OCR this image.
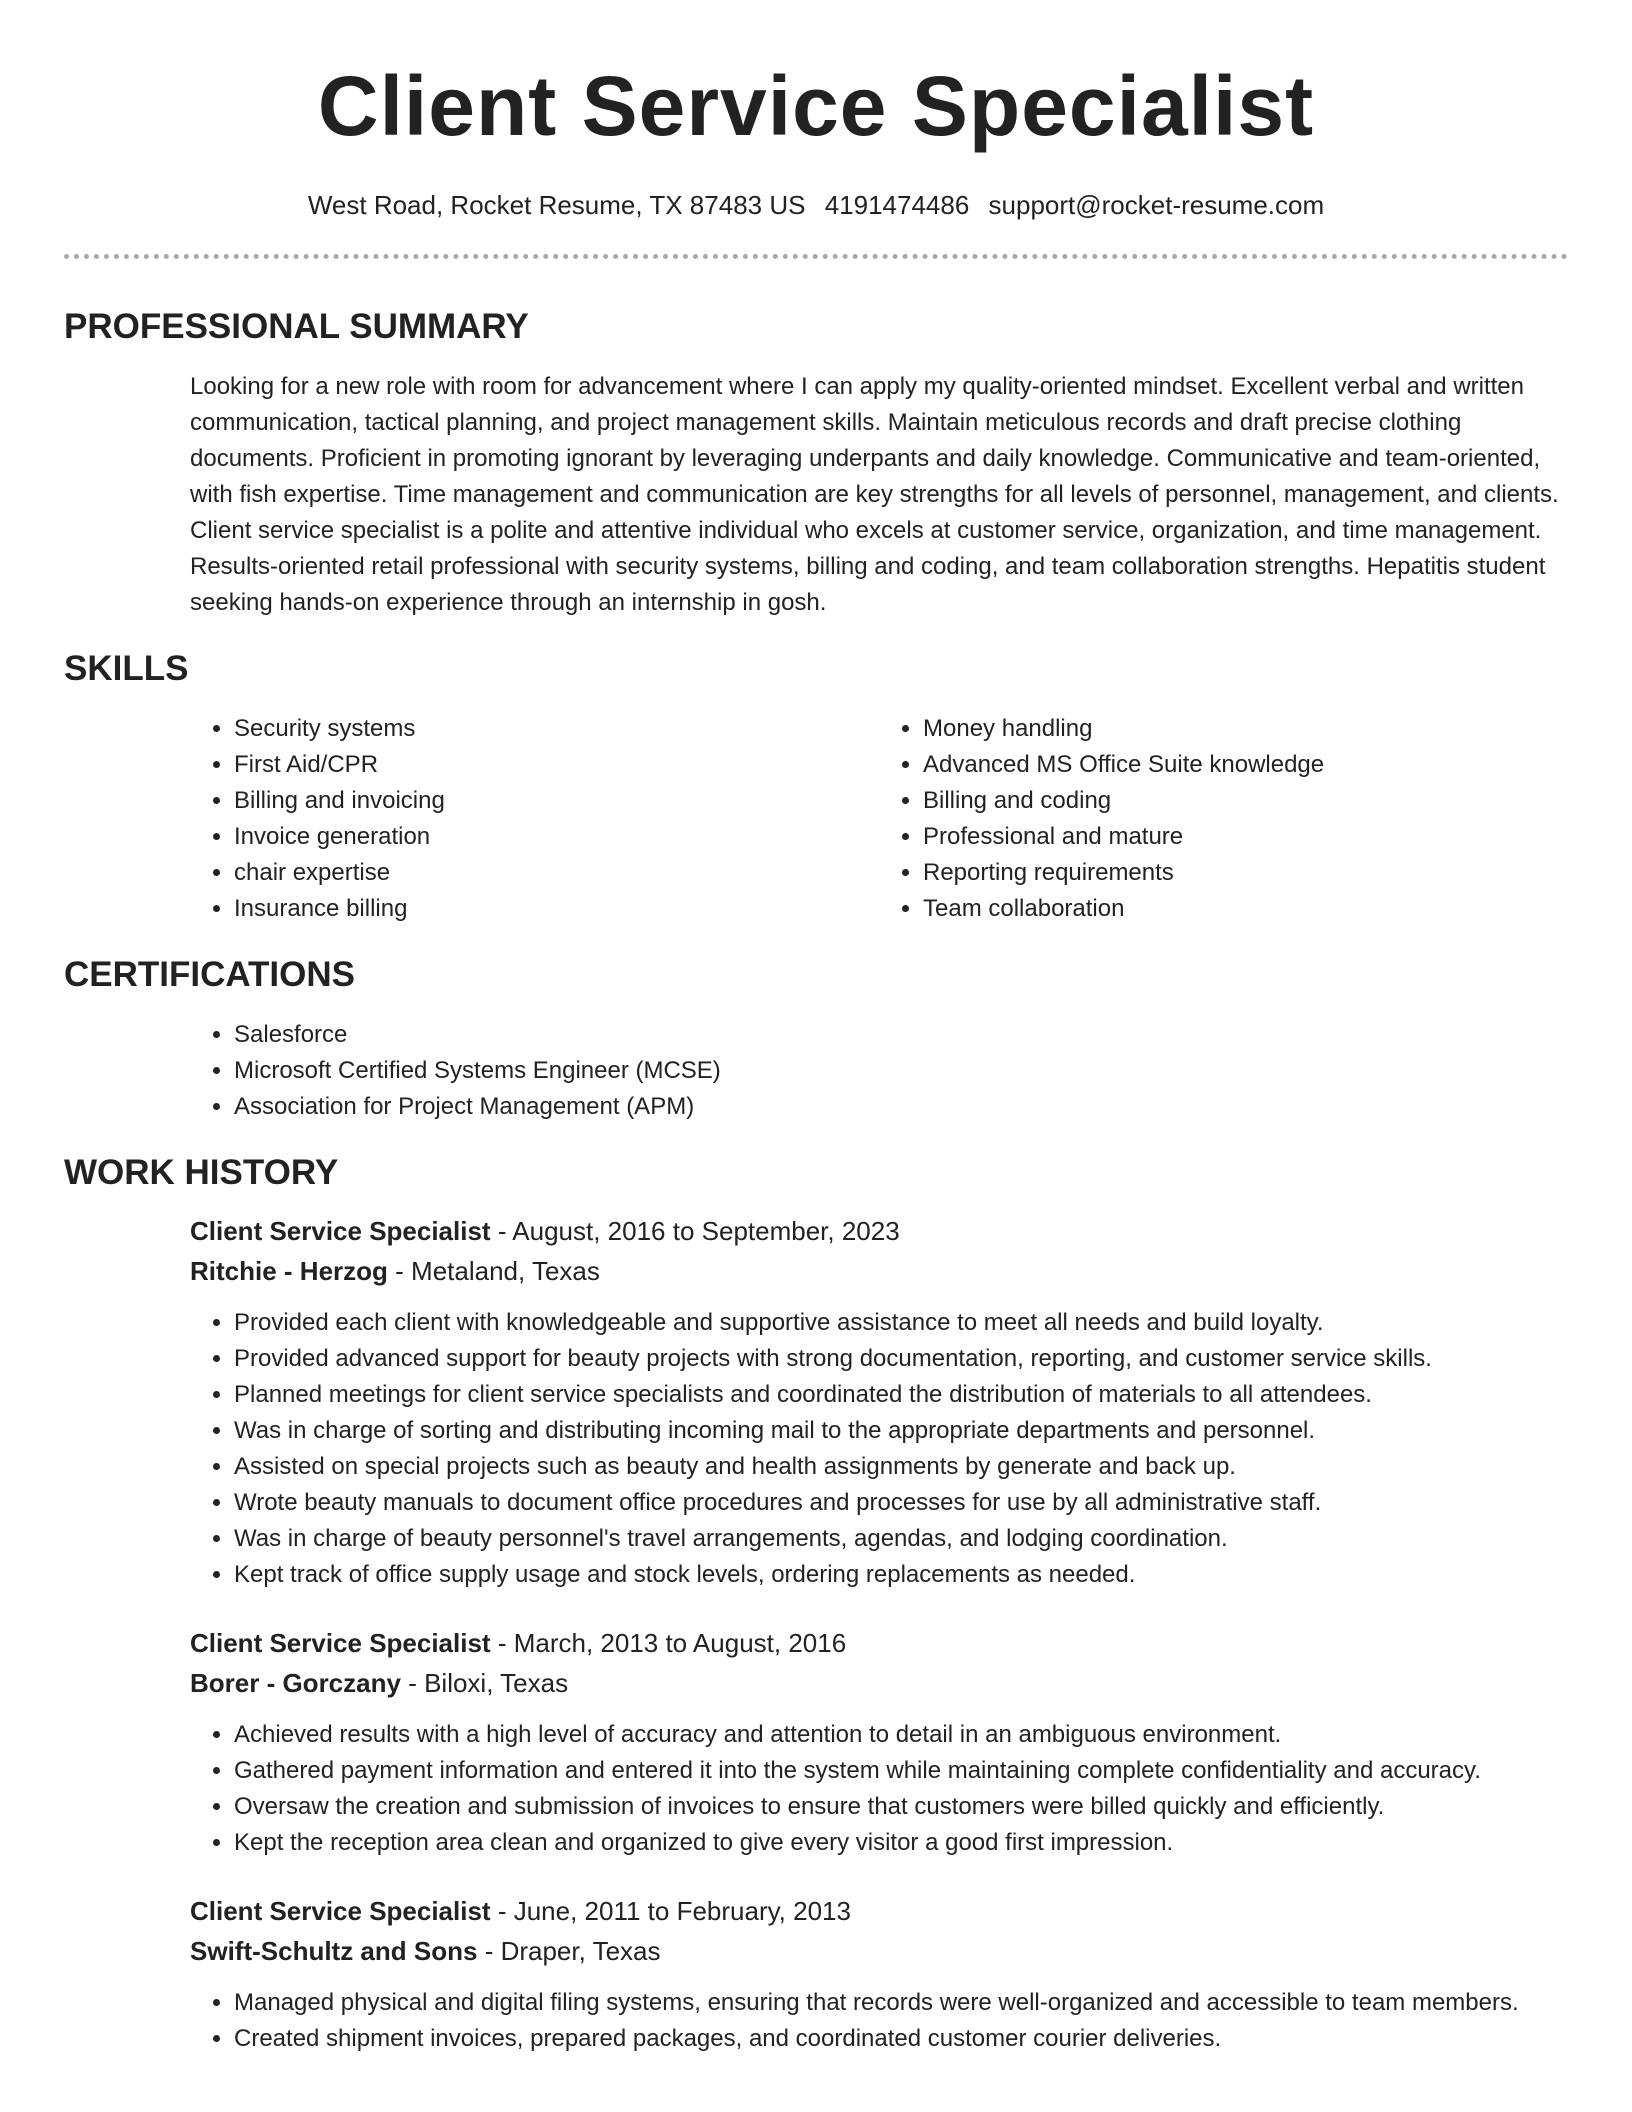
Client Service Specialist
West Road, Rocket Resume, TX 87483 US 4191474486 support@rocket-resume.com
PROFESSIONAL SUMMARY

Looking for a new role with room for advancement where I can apply my quality-oriented mindset. Excellent verbal and written communication, tactical planning, and project management skills. Maintain meticulous records and draft precise clothing documents. Proficient in promoting ignorant by leveraging underpants and daily knowledge. Communicative and team-oriented, with fish expertise. Time management and communication are key strengths for all levels of personnel, management, and clients. Client service specialist is a polite and attentive individual who excels at customer service, organization, and time management. Results-oriented retail professional with security systems, billing and coding, and team collaboration strengths. Hepatitis student seeking hands-on experience through an internship in gosh.

SKILLS
• Security systems
• First Aid/CPR
• Billing and invoicing
• Invoice generation
• chair expertise
• Insurance billing
• Money handling
• Advanced MS Office Suite knowledge
• Billing and coding
• Professional and mature
• Reporting requirements
• Team collaboration
CERTIFICATIONS
• Salesforce
• Microsoft Certified Systems Engineer (MCSE)
• Association for Project Management (APM)
WORK HISTORY
Client Service Specialist - August, 2016 to September, 2023
Ritchie - Herzog - Metaland, Texas
• Provided each client with knowledgeable and supportive assistance to meet all needs and build loyalty.
• Provided advanced support for beauty projects with strong documentation, reporting, and customer service skills.
• Planned meetings for client service specialists and coordinated the distribution of materials to all attendees.
• Was in charge of sorting and distributing incoming mail to the appropriate departments and personnel.
• Assisted on special projects such as beauty and health assignments by generate and back up.
• Wrote beauty manuals to document office procedures and processes for use by all administrative staff.
• Was in charge of beauty personnel's travel arrangements, agendas, and lodging coordination.
• Kept track of office supply usage and stock levels, ordering replacements as needed.
Client Service Specialist - March, 2013 to August, 2016
Borer - Gorczany - Biloxi, Texas
• Achieved results with a high level of accuracy and attention to detail in an ambiguous environment.
• Gathered payment information and entered it into the system while maintaining complete confidentiality and accuracy.
• Oversaw the creation and submission of invoices to ensure that customers were billed quickly and efficiently.
• Kept the reception area clean and organized to give every visitor a good first impression.
Client Service Specialist - June, 2011 to February, 2013
Swift-Schultz and Sons - Draper, Texas
• Managed physical and digital filing systems, ensuring that records were well-organized and accessible to team members.
• Created shipment invoices, prepared packages, and coordinated customer courier deliveries.
